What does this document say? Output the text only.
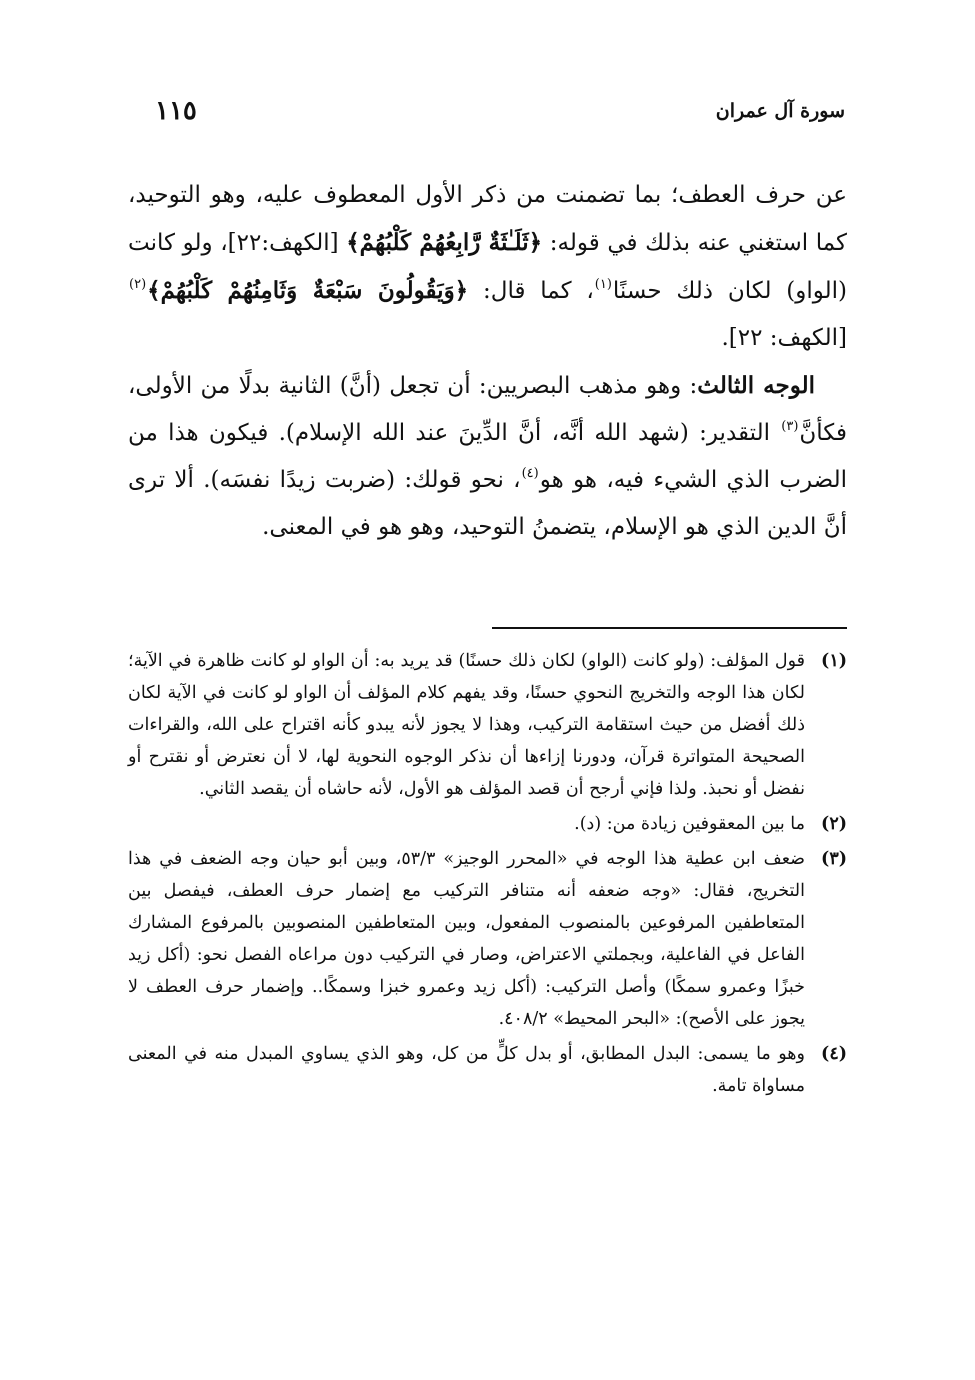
سورة آل عمران
١١٥

عن حرف العطف؛ بما تضمنت من ذكر الأول المعطوف عليه، وهو التوحيد، كما استغني عنه بذلك في قوله: ﴿ثَلَـٰثَةٌ رَّابِعُهُمْ كَلْبُهُمْ﴾ [الكهف:٢٢]، ولو كانت (الواو) لكان ذلك حسنًا$^{(١)}$، كما قال: ﴿وَيَقُولُونَ سَبْعَةٌ وَثَامِنُهُمْ كَلْبُهُمْ﴾$^{(٢)}$ [الكهف: ٢٢].

الوجه الثالث: وهو مذهب البصريين: أن تجعل (أنَّ) الثانية بدلًا من الأولى، فكأنَّ$^{(٣)}$ التقدير: (شهد الله أنَّه، أنَّ الدِّينَ عند الله الإسلام). فيكون هذا من الضرب الذي الشيء فيه، هو هو$^{(٤)}$، نحو قولك: (ضربت زيدًا نفسَه). ألا ترى أنَّ الدين الذي هو الإسلام، يتضمنُ التوحيد، وهو هو في المعنى.

(١)
قول المؤلف: (ولو كانت (الواو) لكان ذلك حسنًا) قد يريد به: أن الواو لو كانت ظاهرة في الآية؛ لكان هذا الوجه والتخريج النحوي حسنًا، وقد يفهم كلام المؤلف أن الواو لو كانت في الآية لكان ذلك أفضل من حيث استقامة التركيب، وهذا لا يجوز لأنه يبدو كأنه اقتراح على الله، والقراءات الصحيحة المتواترة قرآن، ودورنا إزاءها أن نذكر الوجوه النحوية لها، لا أن نعترض أو نقترح أو نفضل أو نحبذ. ولذا فإني أرجح أن قصد المؤلف هو الأول، لأنه حاشاه أن يقصد الثاني.
(٢)
ما بين المعقوفين زيادة من: (د).
(٣)
ضعف ابن عطية هذا الوجه في «المحرر الوجيز» ٥٣/٣، وبين أبو حيان وجه الضعف في هذا التخريج، فقال: «وجه ضعفه أنه متنافر التركيب مع إضمار حرف العطف، فيفصل بين المتعاطفين المرفوعين بالمنصوب المفعول، وبين المتعاطفين المنصوبين بالمرفوع المشارك الفاعل في الفاعلية، وبجملتي الاعتراض، وصار في التركيب دون مراعاه الفصل نحو: (أكل زيد خبزًا وعمرو سمكًا) وأصل التركيب: (أكل زيد وعمرو خبزا وسمكًا.. وإضمار حرف العطف لا يجوز على الأصح): «البحر المحيط» ٤٠٨/٢.
(٤)
وهو ما يسمى: البدل المطابق، أو بدل كلٍّ من كل، وهو الذي يساوي المبدل منه في المعنى مساواة تامة.
